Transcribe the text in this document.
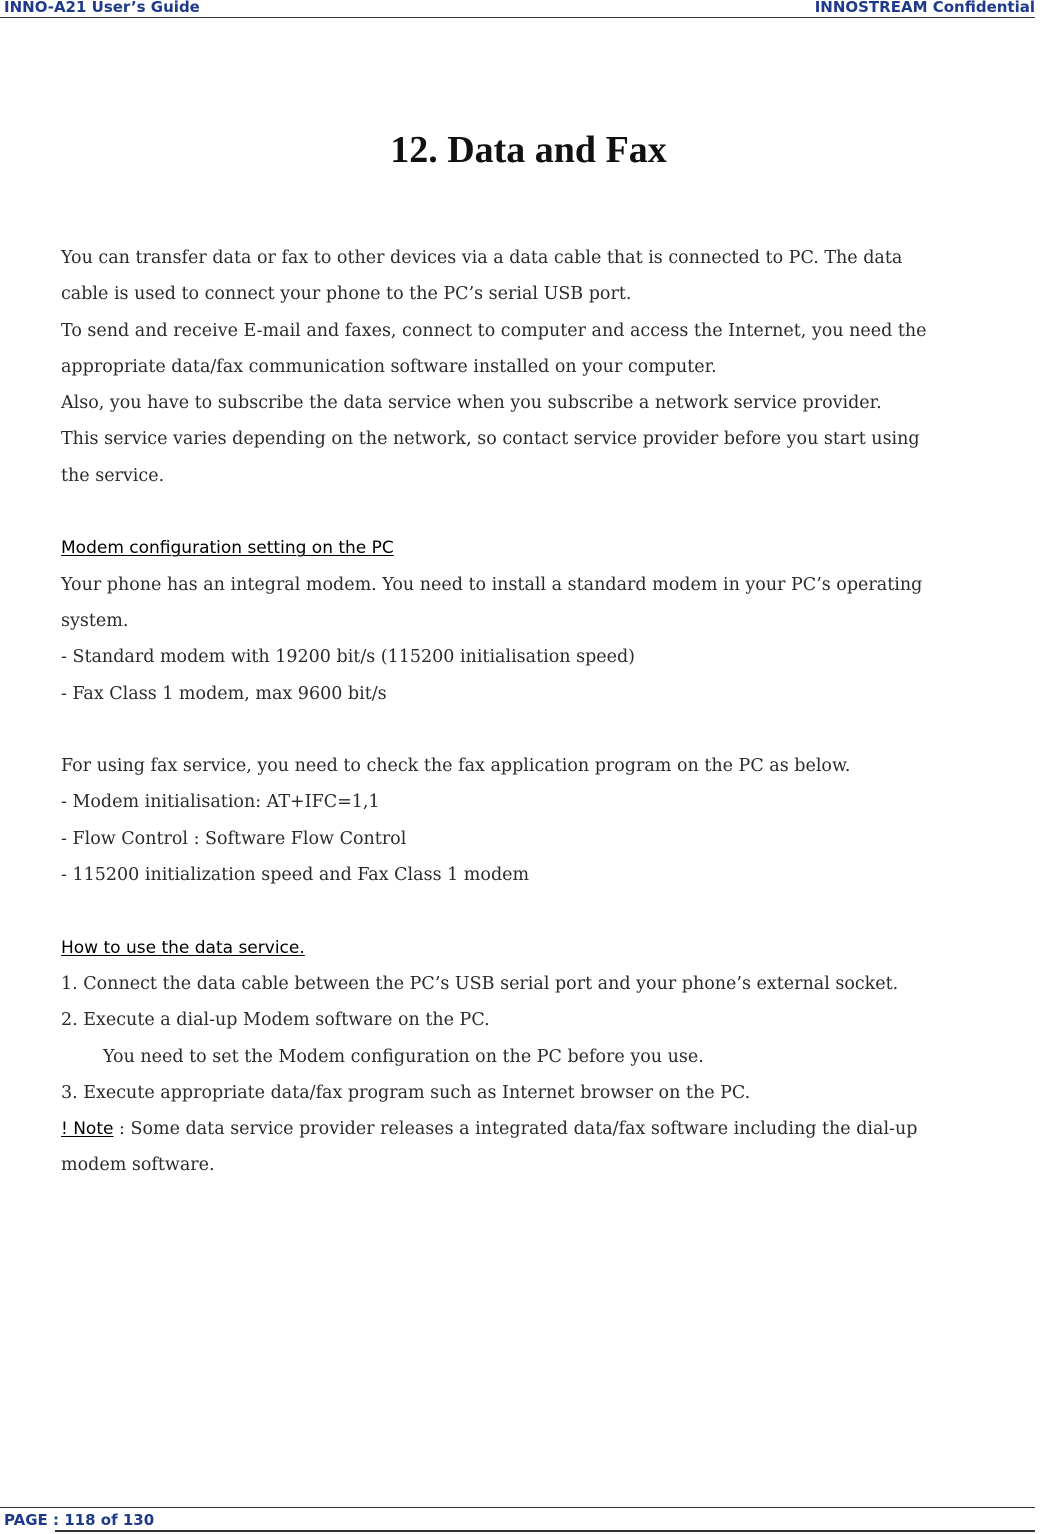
INNO-A21 User’s Guide	INNOSTREAM Confidential
12. Data and Fax

You can transfer data or fax to other devices via a data cable that is connected to PC. The data

cable is used to connect your phone to the PC’s serial USB port.

To send and receive E-mail and faxes, connect to computer and access the Internet, you need the

appropriate data/fax communication software installed on your computer.

Also, you have to subscribe the data service when you subscribe a network service provider.

This service varies depending on the network, so contact service provider before you start using

the service.

Modem configuration setting on the PC

Your phone has an integral modem. You need to install a standard modem in your PC’s operating

system.

- Standard modem with 19200 bit/s (115200 initialisation speed)

- Fax Class 1 modem, max 9600 bit/s

For using fax service, you need to check the fax application program on the PC as below.

- Modem initialisation: AT+IFC=1,1

- Flow Control : Software Flow Control

- 115200 initialization speed and Fax Class 1 modem

How to use the data service.

1. Connect the data cable between the PC’s USB serial port and your phone’s external socket.

2. Execute a dial-up Modem software on the PC.

You need to set the Modem configuration on the PC before you use.

3. Execute appropriate data/fax program such as Internet browser on the PC.

! Note : Some data service provider releases a integrated data/fax software including the dial-up

modem software.

PAGE : 118 of 130
